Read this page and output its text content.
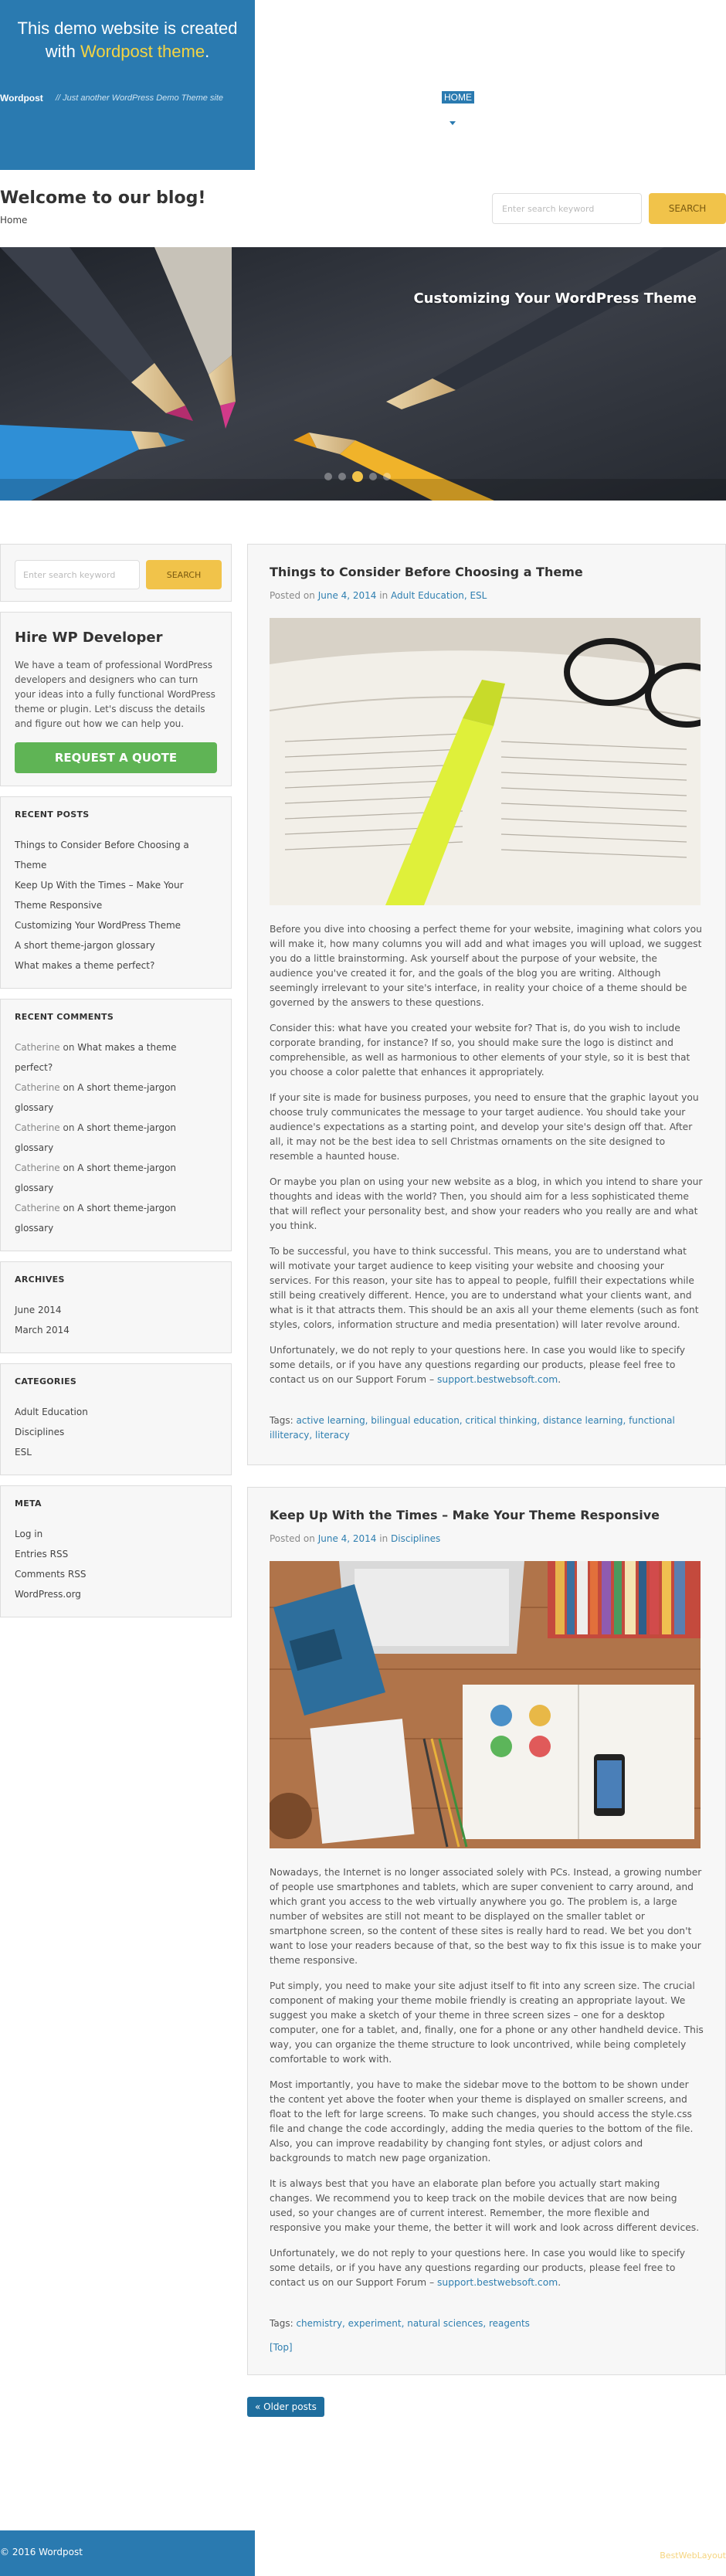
This demo website is created with Wordpost theme.
Wordpost // Just another WordPress Demo Theme site	HOME
Welcome to our blog!
Home
Enter search keyword
SEARCH
Customizing Your WordPress Theme
Enter search keyword
SEARCH
Hire WP Developer

We have a team of professional WordPress developers and designers who can turn your ideas into a fully functional WordPress theme or plugin. Let's discuss the details and figure out how we can help you.

REQUEST A QUOTE
RECENT POSTS
Things to Consider Before Choosing a Theme
Keep Up With the Times – Make Your Theme Responsive
Customizing Your WordPress Theme
A short theme-jargon glossary
What makes a theme perfect?
RECENT COMMENTS
Catherine on What makes a theme perfect?
Catherine on A short theme-jargon glossary
Catherine on A short theme-jargon glossary
Catherine on A short theme-jargon glossary
Catherine on A short theme-jargon glossary
ARCHIVES
June 2014
March 2014
CATEGORIES
Adult Education
Disciplines
ESL
META
Log in
Entries RSS
Comments RSS
WordPress.org
Things to Consider Before Choosing a Theme
Posted on June 4, 2014 in Adult Education, ESL

Before you dive into choosing a perfect theme for your website, imagining what colors you will make it, how many columns you will add and what images you will upload, we suggest you do a little brainstorming. Ask yourself about the purpose of your website, the audience you've created it for, and the goals of the blog you are writing. Although seemingly irrelevant to your site's interface, in reality your choice of a theme should be governed by the answers to these questions.

Consider this: what have you created your website for? That is, do you wish to include corporate branding, for instance? If so, you should make sure the logo is distinct and comprehensible, as well as harmonious to other elements of your style, so it is best that you choose a color palette that enhances it appropriately.

If your site is made for business purposes, you need to ensure that the graphic layout you choose truly communicates the message to your target audience. You should take your audience's expectations as a starting point, and develop your site's design off that. After all, it may not be the best idea to sell Christmas ornaments on the site designed to resemble a haunted house.

Or maybe you plan on using your new website as a blog, in which you intend to share your thoughts and ideas with the world? Then, you should aim for a less sophisticated theme that will reflect your personality best, and show your readers who you really are and what you think.

To be successful, you have to think successful. This means, you are to understand what will motivate your target audience to keep visiting your website and choosing your services. For this reason, your site has to appeal to people, fulfill their expectations while still being creatively different. Hence, you are to understand what your clients want, and what is it that attracts them. This should be an axis all your theme elements (such as font styles, colors, information structure and media presentation) will later revolve around.

Unfortunately, we do not reply to your questions here. In case you would like to specify some details, or if you have any questions regarding our products, please feel free to contact us on our Support Forum – support.bestwebsoft.com.

Tags: active learning, bilingual education, critical thinking, distance learning, functional illiteracy, literacy
Keep Up With the Times – Make Your Theme Responsive
Posted on June 4, 2014 in Disciplines

Nowadays, the Internet is no longer associated solely with PCs. Instead, a growing number of people use smartphones and tablets, which are super convenient to carry around, and which grant you access to the web virtually anywhere you go. The problem is, a large number of websites are still not meant to be displayed on the smaller tablet or smartphone screen, so the content of these sites is really hard to read. We bet you don't want to lose your readers because of that, so the best way to fix this issue is to make your theme responsive.

Put simply, you need to make your site adjust itself to fit into any screen size. The crucial component of making your theme mobile friendly is creating an appropriate layout. We suggest you make a sketch of your theme in three screen sizes – one for a desktop computer, one for a tablet, and, finally, one for a phone or any other handheld device. This way, you can organize the theme structure to look uncontrived, while being completely comfortable to work with.

Most importantly, you have to make the sidebar move to the bottom to be shown under the content yet above the footer when your theme is displayed on smaller screens, and float to the left for large screens. To make such changes, you should access the style.css file and change the code accordingly, adding the media queries to the bottom of the file. Also, you can improve readability by changing font styles, or adjust colors and backgrounds to match new page organization.

It is always best that you have an elaborate plan before you actually start making changes. We recommend you to keep track on the mobile devices that are now being used, so your changes are of current interest. Remember, the more flexible and responsive you make your theme, the better it will work and look across different devices.

Unfortunately, we do not reply to your questions here. In case you would like to specify some details, or if you have any questions regarding our products, please feel free to contact us on our Support Forum – support.bestwebsoft.com.

Tags: chemistry, experiment, natural sciences, reagents
[Top]
« Older posts
© 2016 Wordpost	BestWebLayout
